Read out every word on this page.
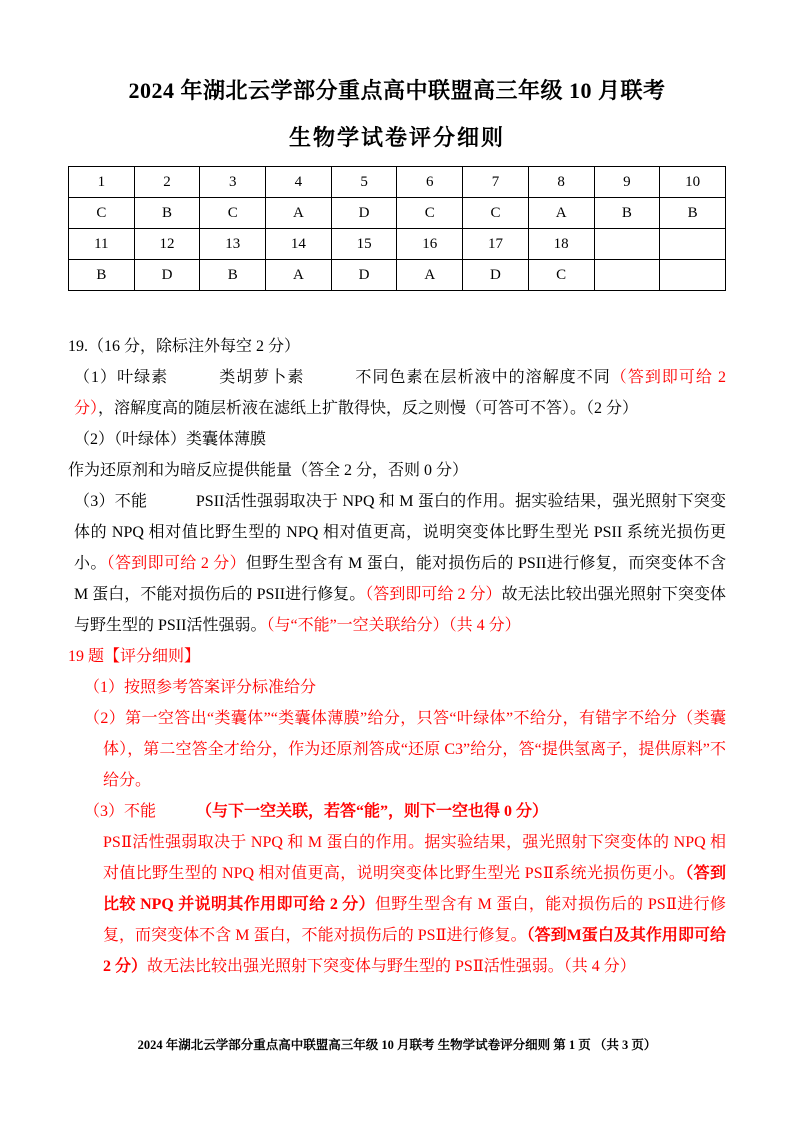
2024 年湖北云学部分重点高中联盟高三年级 10 月联考
生物学试卷评分细则
1	2	3	4	5	6	7	8	9	10
C	B	C	A	D	C	C	A	B	B
11	12	13	14	15	16	17	18		
B	D	B	A	D	A	D	C		

19.（16 分，除标注外每空 2 分）

（1）叶绿素　　　类胡萝卜素　　　不同色素在层析液中的溶解度不同（答到即可给 2 分），溶解度高的随层析液在滤纸上扩散得快，反之则慢（可答可不答）。（2 分）

（2）（叶绿体）类囊体薄膜

作为还原剂和为暗反应提供能量（答全 2 分，否则 0 分）

（3）不能　　　PSII活性强弱取决于 NPQ 和 M 蛋白的作用。据实验结果，强光照射下突变体的 NPQ 相对值比野生型的 NPQ 相对值更高，说明突变体比野生型光 PSII 系统光损伤更小。（答到即可给 2 分）但野生型含有 M 蛋白，能对损伤后的 PSII进行修复，而突变体不含 M 蛋白，不能对损伤后的 PSII进行修复。（答到即可给 2 分）故无法比较出强光照射下突变体与野生型的 PSII活性强弱。（与“不能”一空关联给分）（共 4 分）

19 题【评分细则】

（1）按照参考答案评分标准给分

（2）第一空答出“类囊体”“类囊体薄膜”给分，只答“叶绿体”不给分，有错字不给分（类囊体），第二空答全才给分，作为还原剂答成“还原 C3”给分，答“提供氢离子，提供原料”不给分。

（3）不能　　　（与下一空关联，若答“能”，则下一空也得 0 分）

PSⅡ活性强弱取决于 NPQ 和 M 蛋白的作用。据实验结果，强光照射下突变体的 NPQ 相对值比野生型的 NPQ 相对值更高，说明突变体比野生型光 PSⅡ系统光损伤更小。（答到比较 NPQ 并说明其作用即可给 2 分）但野生型含有 M 蛋白，能对损伤后的 PSⅡ进行修复，而突变体不含 M 蛋白，不能对损伤后的 PSⅡ进行修复。（答到M蛋白及其作用即可给 2 分）故无法比较出强光照射下突变体与野生型的 PSⅡ活性强弱。（共 4 分）

2024 年湖北云学部分重点高中联盟高三年级 10 月联考 生物学试卷评分细则 第 1 页 （共 3 页）
